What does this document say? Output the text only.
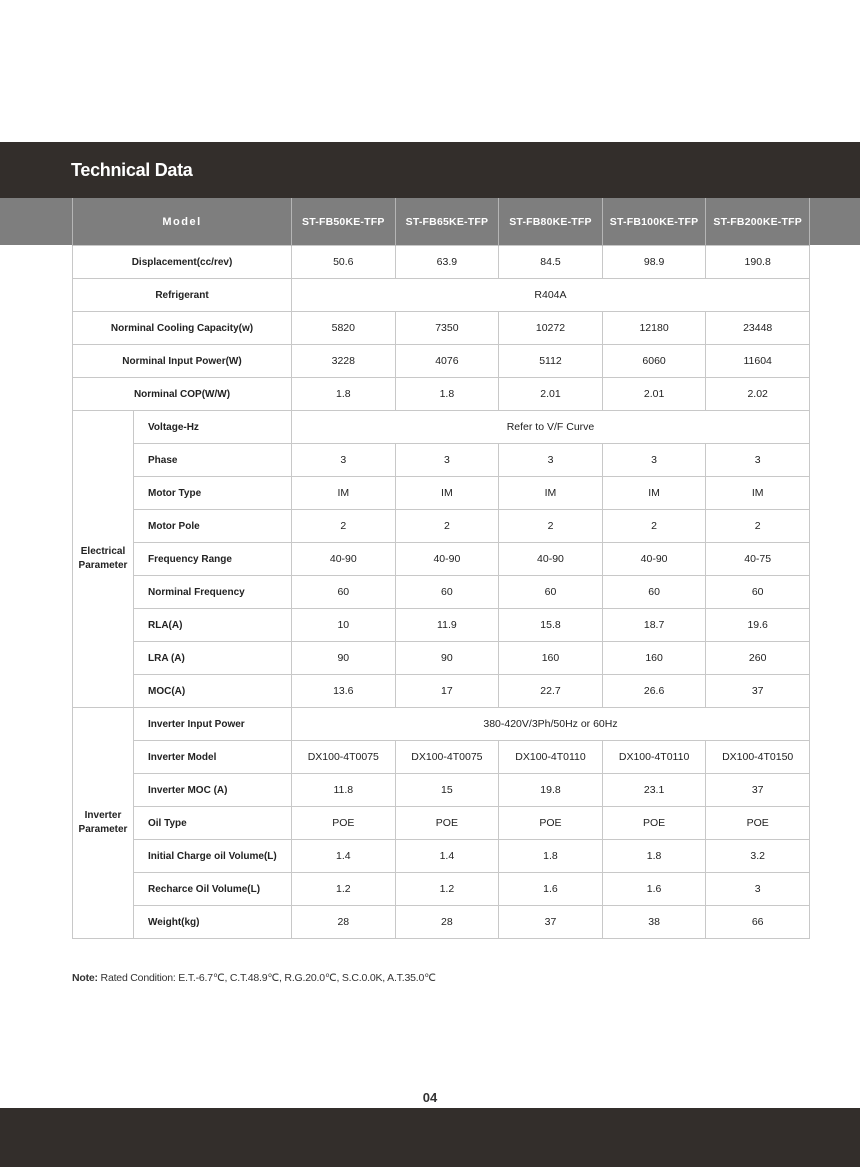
Technical Data
Model		ST-FB50KE-TFP	ST-FB65KE-TFP	ST-FB80KE-TFP	ST-FB100KE-TFP	ST-FB200KE-TFP
Displacement(cc/rev)		50.6	63.9	84.5	98.9	190.8
Refrigerant		R404A				
Norminal Cooling Capacity(w)		5820	7350	10272	12180	23448
Norminal Input Power(W)		3228	4076	5112	6060	11604
Norminal COP(W/W)		1.8	1.8	2.01	2.01	2.02

Electrical
Parameter	Voltage-Hz	Refer to V/F Curve				
	Phase	3	3	3	3	3
	Motor Type	IM	IM	IM	IM	IM
	Motor Pole	2	2	2	2	2
	Frequency Range	40-90	40-90	40-90	40-90	40-75
	Norminal Frequency	60	60	60	60	60
	RLA(A)	10	11.9	15.8	18.7	19.6
	LRA (A)	90	90	160	160	260
	MOC(A)	13.6	17	22.7	26.6	37

Inverter
Parameter	Inverter Input Power	380-420V/3Ph/50Hz or 60Hz				
	Inverter Model	DX100-4T0075	DX100-4T0075	DX100-4T0110	DX100-4T0110	DX100-4T0150
	Inverter MOC (A)	11.8	15	19.8	23.1	37
	Oil Type	POE	POE	POE	POE	POE
	Initial Charge oil Volume(L)	1.4	1.4	1.8	1.8	3.2
	Recharce Oil Volume(L)	1.2	1.2	1.6	1.6	3
	Weight(kg)	28	28	37	38	66
Note: Rated Condition: E.T.-6.7℃, C.T.48.9℃, R.G.20.0℃, S.C.0.0K, A.T.35.0℃
04
